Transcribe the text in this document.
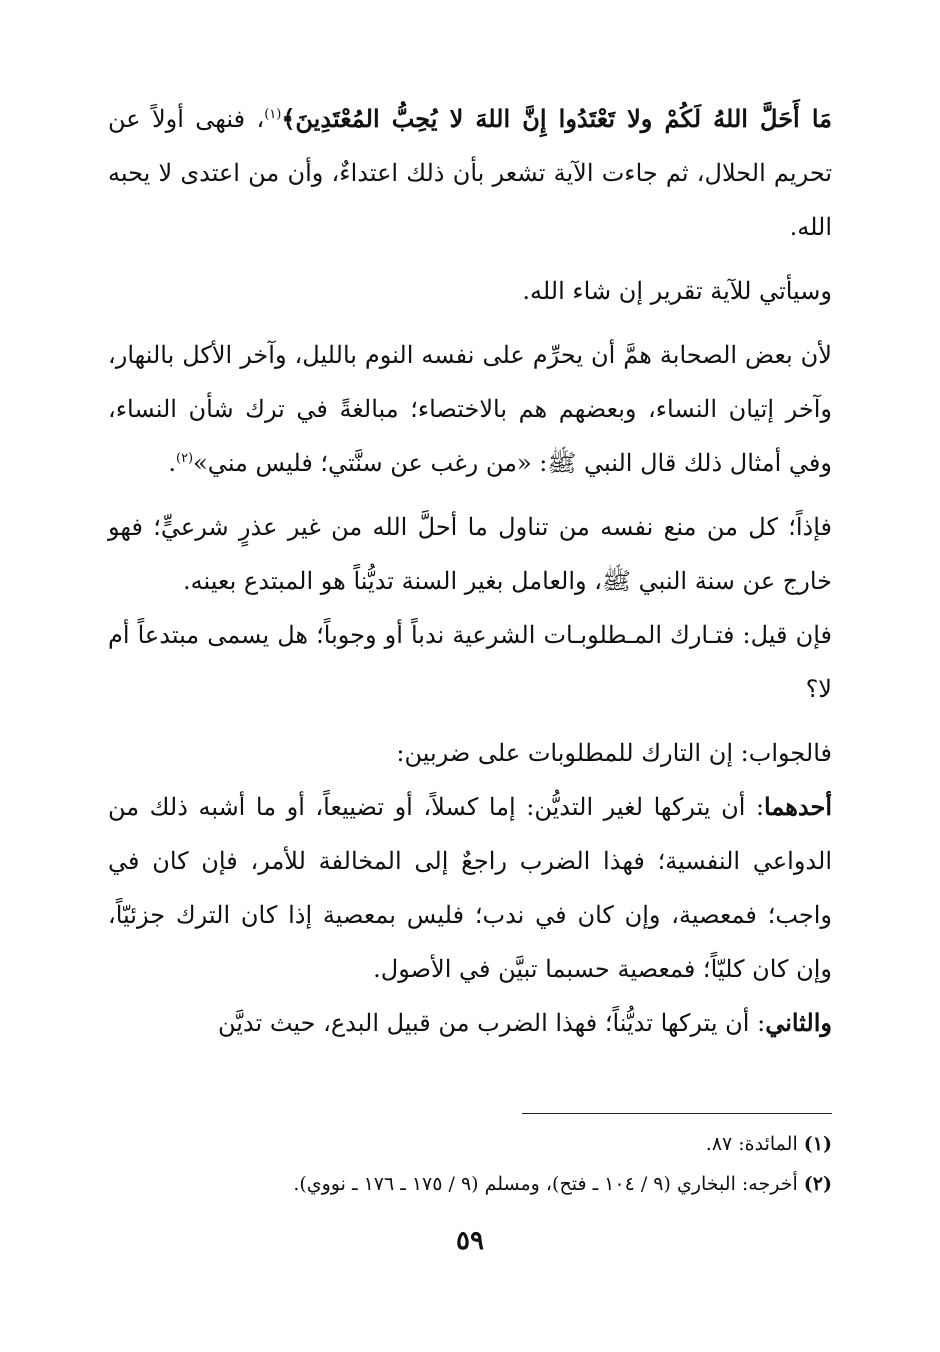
مَا أَحَلَّ اللهُ لَكُمْ ولا تَعْتَدُوا إِنَّ اللهَ لا يُحِبُّ المُعْتَدِينَ﴾$^{(١)}$، فنهى أولاً عن تحريم الحلال، ثم جاءت الآية تشعر بأن ذلك اعتداءٌ، وأن من اعتدى لا يحبه الله.

وسيأتي للآية تقرير إن شاء الله.

لأن بعض الصحابة همَّ أن يحرِّم على نفسه النوم بالليل، وآخر الأكل بالنهار، وآخر إتيان النساء، وبعضهم هم بالاختصاء؛ مبالغةً في ترك شأن النساء، وفي أمثال ذلك قال النبي ﷺ: «من رغب عن سنَّتي؛ فليس مني»$^{(٢)}$.

فإذاً؛ كل من منع نفسه من تناول ما أحلَّ الله من غير عذرٍ شرعيٍّ؛ فهو خارج عن سنة النبي ﷺ، والعامل بغير السنة تديُّناً هو المبتدع بعينه.

فإن قيل: فتـارك المـطلوبـات الشرعية ندباً أو وجوباً؛ هل يسمى مبتدعاً أم لا؟

فالجواب: إن التارك للمطلوبات على ضربين:

أحدهما: أن يتركها لغير التديُّن: إما كسلاً، أو تضييعاً، أو ما أشبه ذلك من الدواعي النفسية؛ فهذا الضرب راجعٌ إلى المخالفة للأمر، فإن كان في واجب؛ فمعصية، وإن كان في ندب؛ فليس بمعصية إذا كان الترك جزئيّاً، وإن كان كليّاً؛ فمعصية حسبما تبيَّن في الأصول.

والثاني: أن يتركها تديُّناً؛ فهذا الضرب من قبيل البدع، حيث تديَّن

(١) المائدة: ٨٧.

(٢) أخرجه: البخاري (٩ / ١٠٤ ـ فتح)، ومسلم (٩ / ١٧٥ ـ ١٧٦ ـ نووي).

٥٩
